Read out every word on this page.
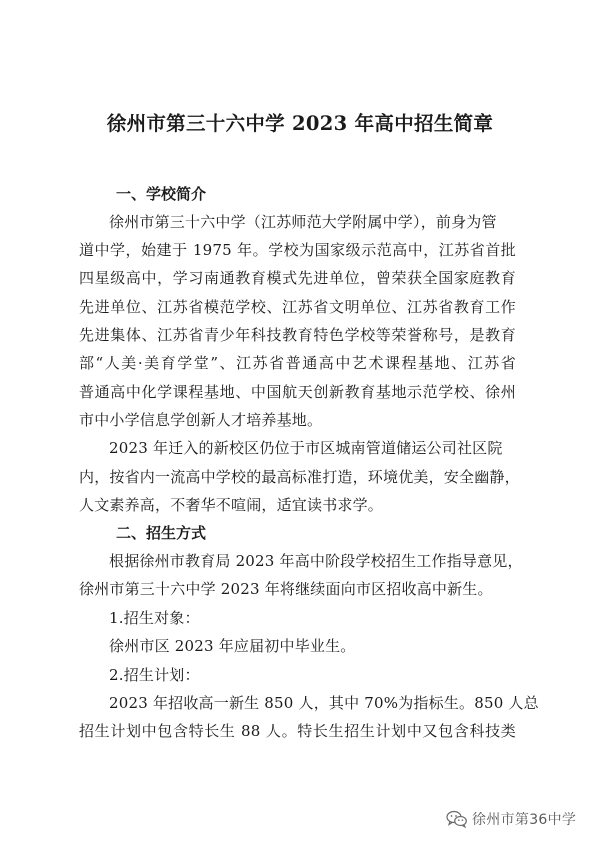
徐州市第三十六中学 2023 年高中招生简章
一、学校简介
徐州市第三十六中学（江苏师范大学附属中学），前身为管
道中学，始建于 1975 年。学校为国家级示范高中，江苏省首批
四星级高中，学习南通教育模式先进单位，曾荣获全国家庭教育
先进单位、江苏省模范学校、江苏省文明单位、江苏省教育工作
先进集体、江苏省青少年科技教育特色学校等荣誉称号，是教育
部“人美·美育学堂”、江苏省普通高中艺术课程基地、江苏省
普通高中化学课程基地、中国航天创新教育基地示范学校、徐州
市中小学信息学创新人才培养基地。
2023 年迁入的新校区仍位于市区城南管道储运公司社区院
内，按省内一流高中学校的最高标准打造，环境优美，安全幽静，
人文素养高，不奢华不喧闹，适宜读书求学。
二、招生方式
根据徐州市教育局 2023 年高中阶段学校招生工作指导意见，
徐州市第三十六中学 2023 年将继续面向市区招收高中新生。
1.招生对象：
徐州市区 2023 年应届初中毕业生。
2.招生计划：
2023 年招收高一新生 850 人，其中 70%为指标生。850 人总
招生计划中包含特长生 88 人。特长生招生计划中又包含科技类
徐州市第36中学
